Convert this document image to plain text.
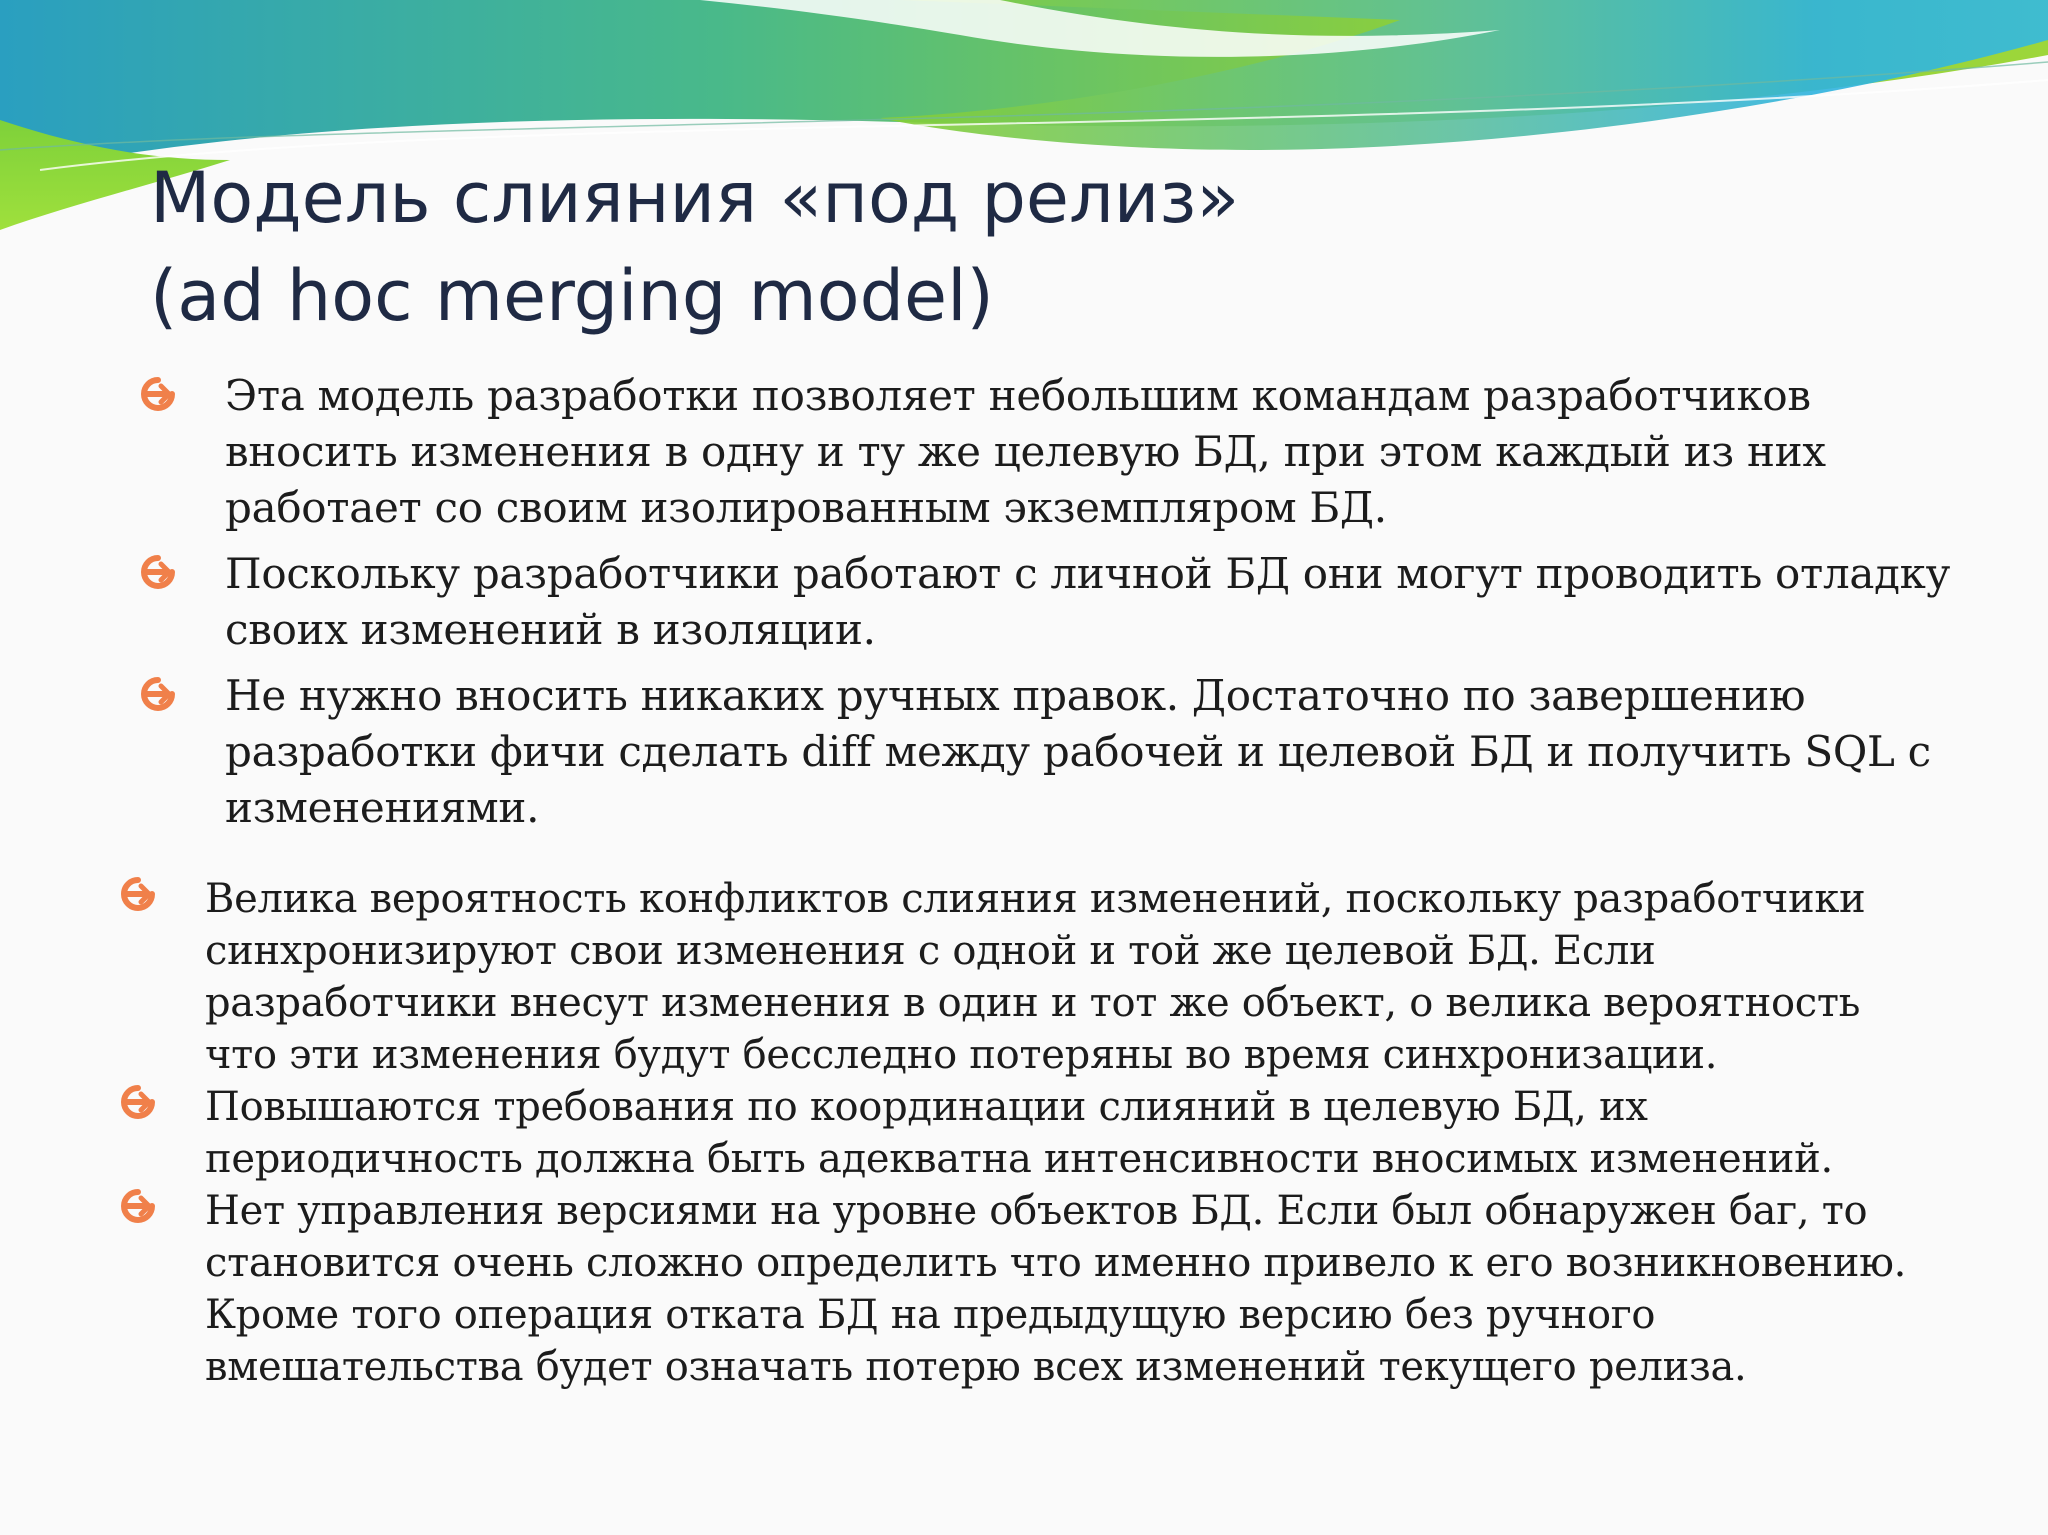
Модель слияния «под релиз»
(ad hoc merging model)
Эта модель разработки позволяет небольшим командам разработчиков
вносить изменения в одну и ту же целевую БД, при этом каждый из них
работает со своим изолированным экземпляром БД.
Поскольку разработчики работают с личной БД они могут проводить отладку
своих изменений в изоляции.
Не нужно вносить никаких ручных правок. Достаточно по завершению
разработки фичи сделать diff между рабочей и целевой БД и получить SQL с
изменениями.
Велика вероятность конфликтов слияния изменений, поскольку разработчики
синхронизируют свои изменения с одной и той же целевой БД. Если
разработчики внесут изменения в один и тот же объект, о велика вероятность
что эти изменения будут бесследно потеряны во время синхронизации.
Повышаются требования по координации слияний в целевую БД, их
периодичность должна быть адекватна интенсивности вносимых изменений.
Нет управления версиями на уровне объектов БД. Если был обнаружен баг, то
становится очень сложно определить что именно привело к его возникновению.
Кроме того операция отката БД на предыдущую версию без ручного
вмешательства будет означать потерю всех изменений текущего релиза.
